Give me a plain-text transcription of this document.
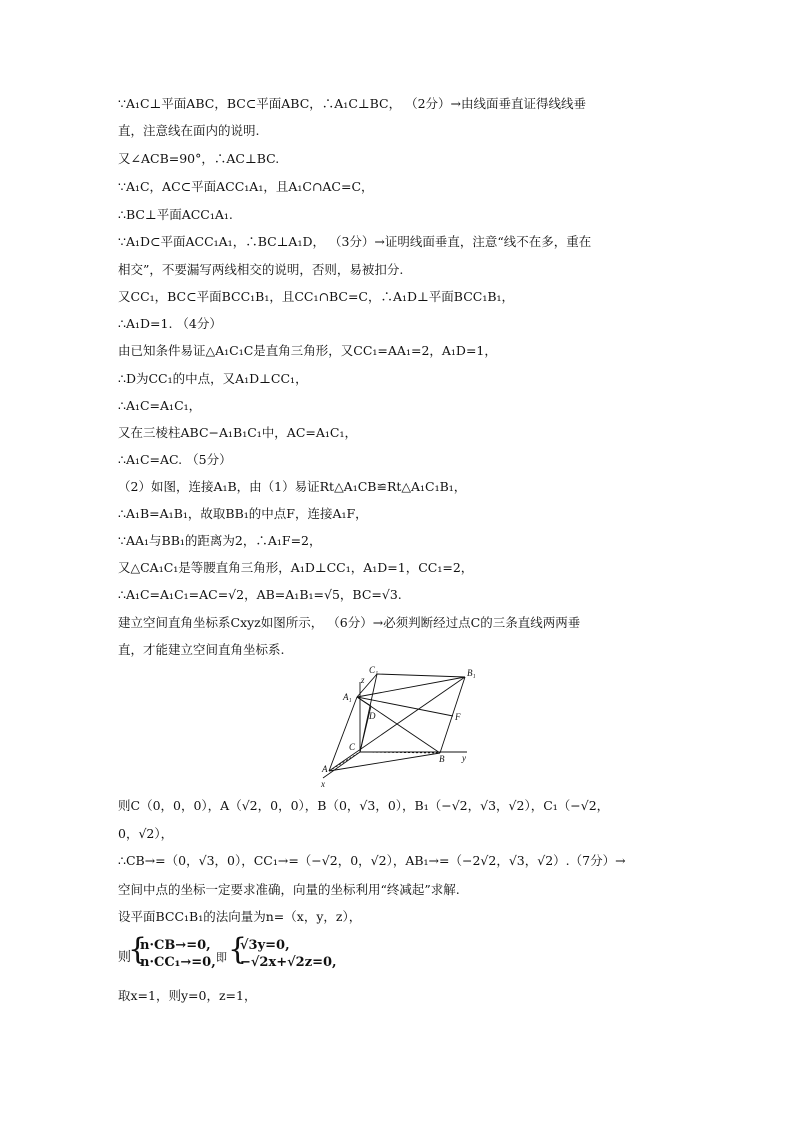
∵A₁C⊥平面ABC，BC⊂平面ABC，∴A₁C⊥BC， （2分）→由线面垂直证得线线垂
直，注意线在面内的说明.
又∠ACB=90°，∴AC⊥BC.
∵A₁C，AC⊂平面ACC₁A₁，且A₁C∩AC=C，
∴BC⊥平面ACC₁A₁.
∵A₁D⊂平面ACC₁A₁，∴BC⊥A₁D， （3分）→证明线面垂直，注意“线不在多，重在
相交”，不要漏写两线相交的说明，否则，易被扣分.
又CC₁，BC⊂平面BCC₁B₁，且CC₁∩BC=C，∴A₁D⊥平面BCC₁B₁，
∴A₁D=1. （4分）
由已知条件易证△A₁C₁C是直角三角形，又CC₁=AA₁=2，A₁D=1，
∴D为CC₁的中点，又A₁D⊥CC₁，
∴A₁C=A₁C₁，
又在三棱柱ABC−A₁B₁C₁中，AC=A₁C₁，
∴A₁C=AC. （5分）
（2）如图，连接A₁B，由（1）易证Rt△A₁CB≌Rt△A₁C₁B₁，
∴A₁B=A₁B₁，故取BB₁的中点F，连接A₁F，
∵AA₁与BB₁的距离为2，∴A₁F=2，
又△CA₁C₁是等腰直角三角形，A₁D⊥CC₁，A₁D=1，CC₁=2，
∴A₁C=A₁C₁=AC=√2，AB=A₁B₁=√5，BC=√3.
建立空间直角坐标系Cxyz如图所示， （6分）→必须判断经过点C的三条直线两两垂
直，才能建立空间直角坐标系.
C₁
z
B₁
A₁
D	F
C
B y
A
x
则C（0，0，0），A（√2，0，0），B（0，√3，0），B₁（−√2，√3，√2），C₁（−√2，
0，√2），
∴CB→=（0，√3，0），CC₁→=（−√2，0，√2），AB₁→=（−2√2，√3，√2）.（7分）→
空间中点的坐标一定要求准确，向量的坐标利用“终减起”求解.
设平面BCC₁B₁的法向量为n=（x，y，z），
则
{
n·CB→=0,
n·CC₁→=0, 即 {
√3y=0,
−√2x+√2z=0,
取x=1，则y=0，z=1，
